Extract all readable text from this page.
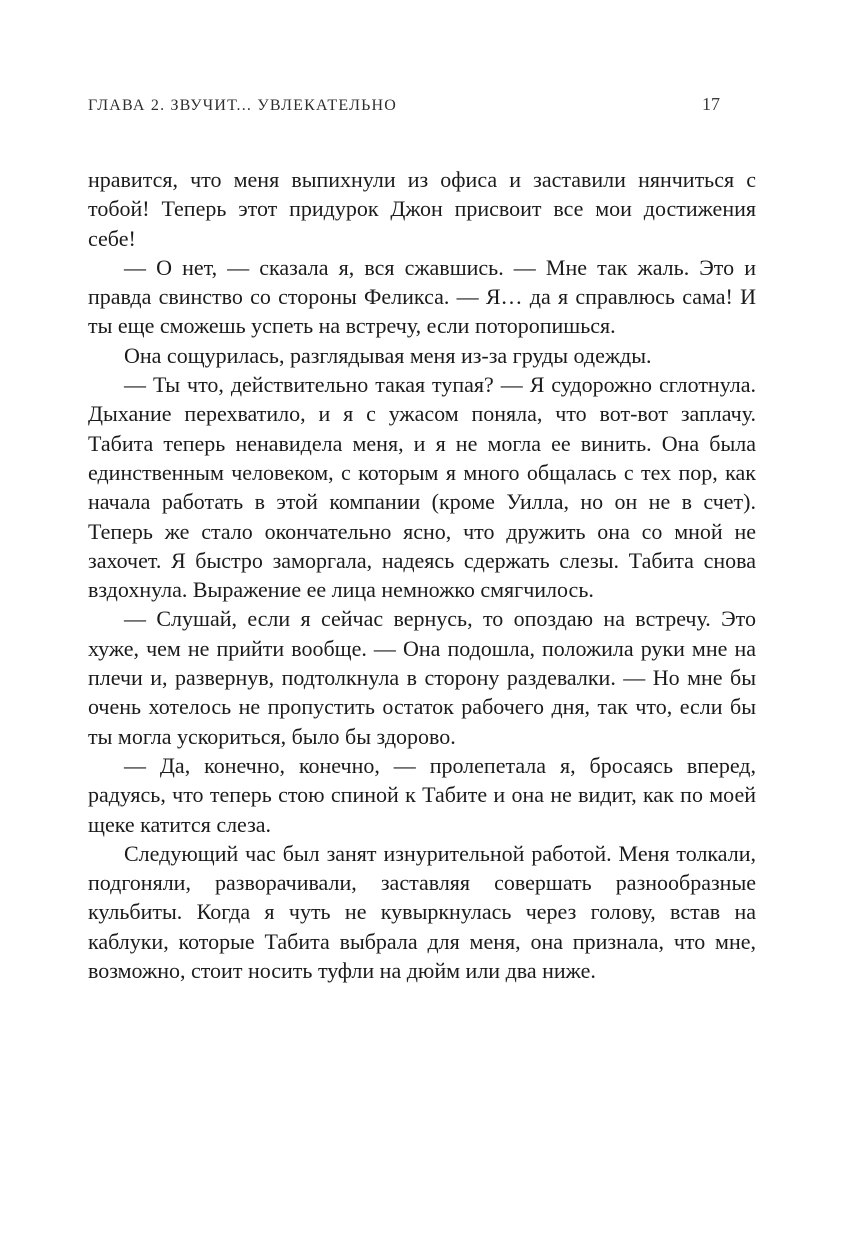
ГЛАВА 2. ЗВУЧИТ... УВЛЕКАТЕЛЬНО	17

нравится, что меня выпихнули из офиса и заставили нянчиться с тобой! Теперь этот придурок Джон присвоит все мои достижения себе!

— О нет, — сказала я, вся сжавшись. — Мне так жаль. Это и правда свинство со стороны Феликса. — Я… да я справлюсь сама! И ты еще сможешь успеть на встречу, если поторопишься.

Она сощурилась, разглядывая меня из-за груды одежды.

— Ты что, действительно такая тупая? — Я судорожно сглотнула. Дыхание перехватило, и я с ужасом поняла, что вот-вот заплачу. Табита теперь ненавидела меня, и я не могла ее винить. Она была единственным человеком, с которым я много общалась с тех пор, как начала работать в этой компании (кроме Уилла, но он не в счет). Теперь же стало окончательно ясно, что дружить она со мной не захочет. Я быстро заморгала, надеясь сдержать слезы. Табита снова вздохнула. Выражение ее лица немножко смягчилось.

— Слушай, если я сейчас вернусь, то опоздаю на встречу. Это хуже, чем не прийти вообще. — Она подошла, положила руки мне на плечи и, развернув, подтолкнула в сторону раздевалки. — Но мне бы очень хотелось не пропустить остаток рабочего дня, так что, если бы ты могла ускориться, было бы здорово.

— Да, конечно, конечно, — пролепетала я, бросаясь вперед, радуясь, что теперь стою спиной к Табите и она не видит, как по моей щеке катится слеза.

Следующий час был занят изнурительной работой. Меня толкали, подгоняли, разворачивали, заставляя совершать разнообразные кульбиты. Когда я чуть не кувыркнулась через голову, встав на каблуки, которые Табита выбрала для меня, она признала, что мне, возможно, стоит носить туфли на дюйм или два ниже.
